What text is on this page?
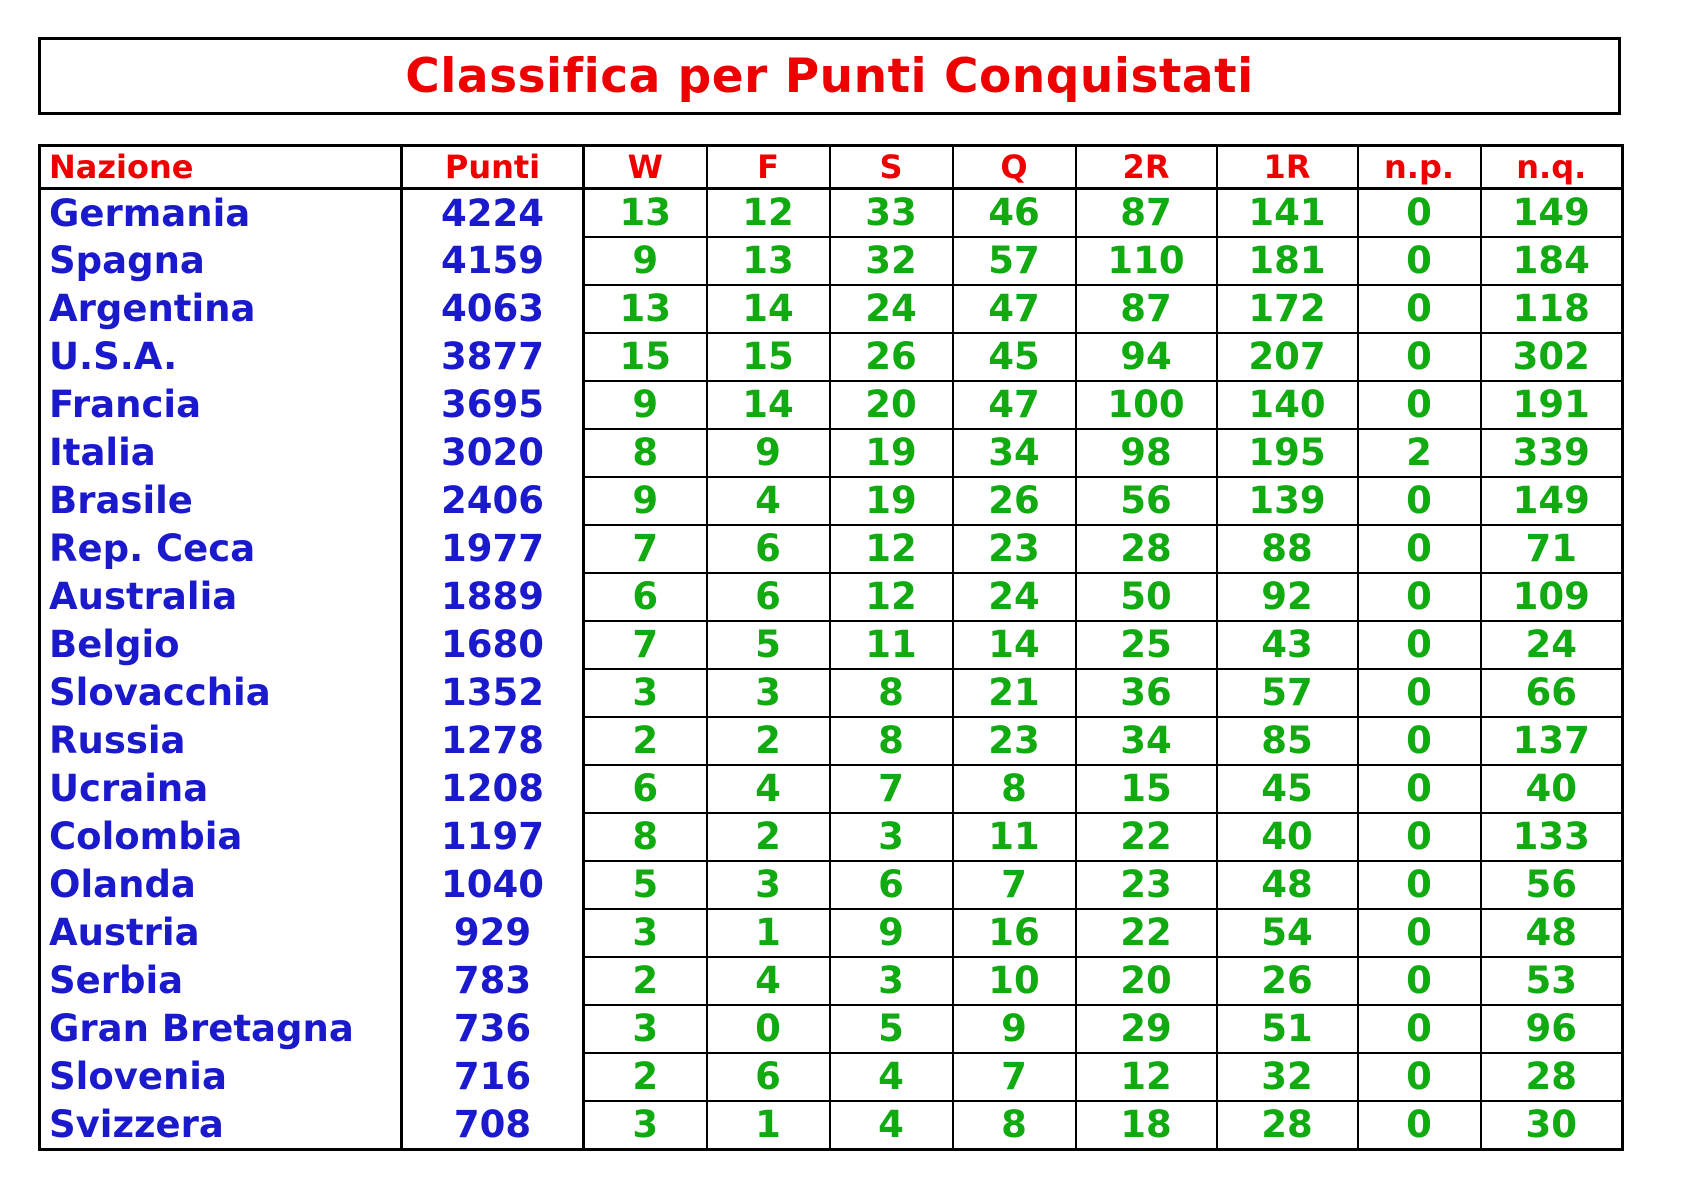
Classifica per Punti Conquistati
Nazione	Punti	W	F	S	Q	2R	1R	n.p.	n.q.
Germania	4224	13	12	33	46	87	141	0	149
Spagna	4159	9	13	32	57	110	181	0	184
Argentina	4063	13	14	24	47	87	172	0	118
U.S.A.	3877	15	15	26	45	94	207	0	302
Francia	3695	9	14	20	47	100	140	0	191
Italia	3020	8	9	19	34	98	195	2	339
Brasile	2406	9	4	19	26	56	139	0	149
Rep. Ceca	1977	7	6	12	23	28	88	0	71
Australia	1889	6	6	12	24	50	92	0	109
Belgio	1680	7	5	11	14	25	43	0	24
Slovacchia	1352	3	3	8	21	36	57	0	66
Russia	1278	2	2	8	23	34	85	0	137
Ucraina	1208	6	4	7	8	15	45	0	40
Colombia	1197	8	2	3	11	22	40	0	133
Olanda	1040	5	3	6	7	23	48	0	56
Austria	929	3	1	9	16	22	54	0	48
Serbia	783	2	4	3	10	20	26	0	53
Gran Bretagna	736	3	0	5	9	29	51	0	96
Slovenia	716	2	6	4	7	12	32	0	28
Svizzera	708	3	1	4	8	18	28	0	30
